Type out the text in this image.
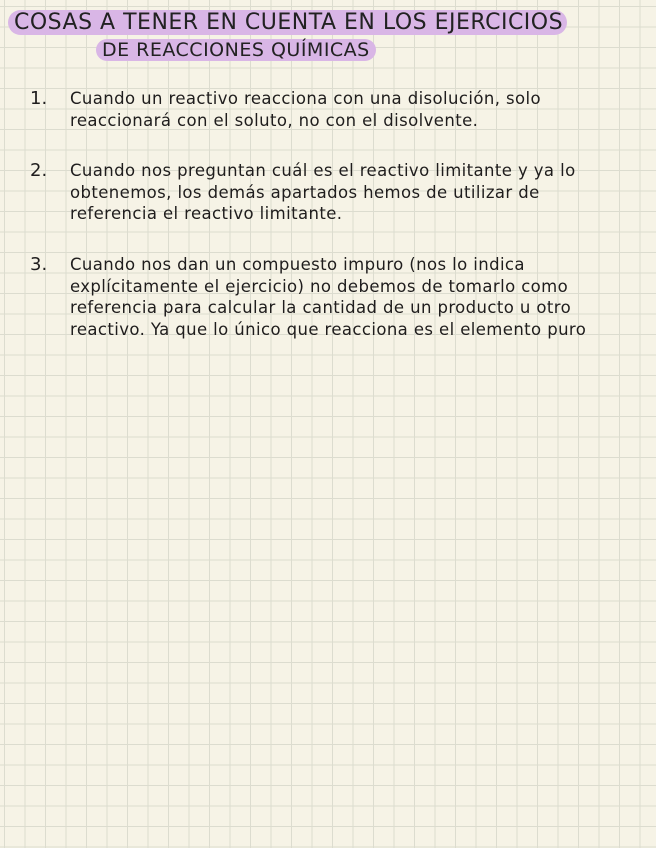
COSAS A TENER EN CUENTA EN LOS EJERCICIOS
DE REACCIONES QUÍMICAS
1. Cuando un reactivo reacciona con una disolución, solo reaccionará con el soluto, no con el disolvente.
2. Cuando nos preguntan cuál es el reactivo limitante y ya lo obtenemos, los demás apartados hemos de utilizar de referencia el reactivo limitante.
3. Cuando nos dan un compuesto impuro (nos lo indica explícitamente el ejercicio) no debemos de tomarlo como referencia para calcular la cantidad de un producto u otro reactivo. Ya que lo único que reacciona es el elemento puro
